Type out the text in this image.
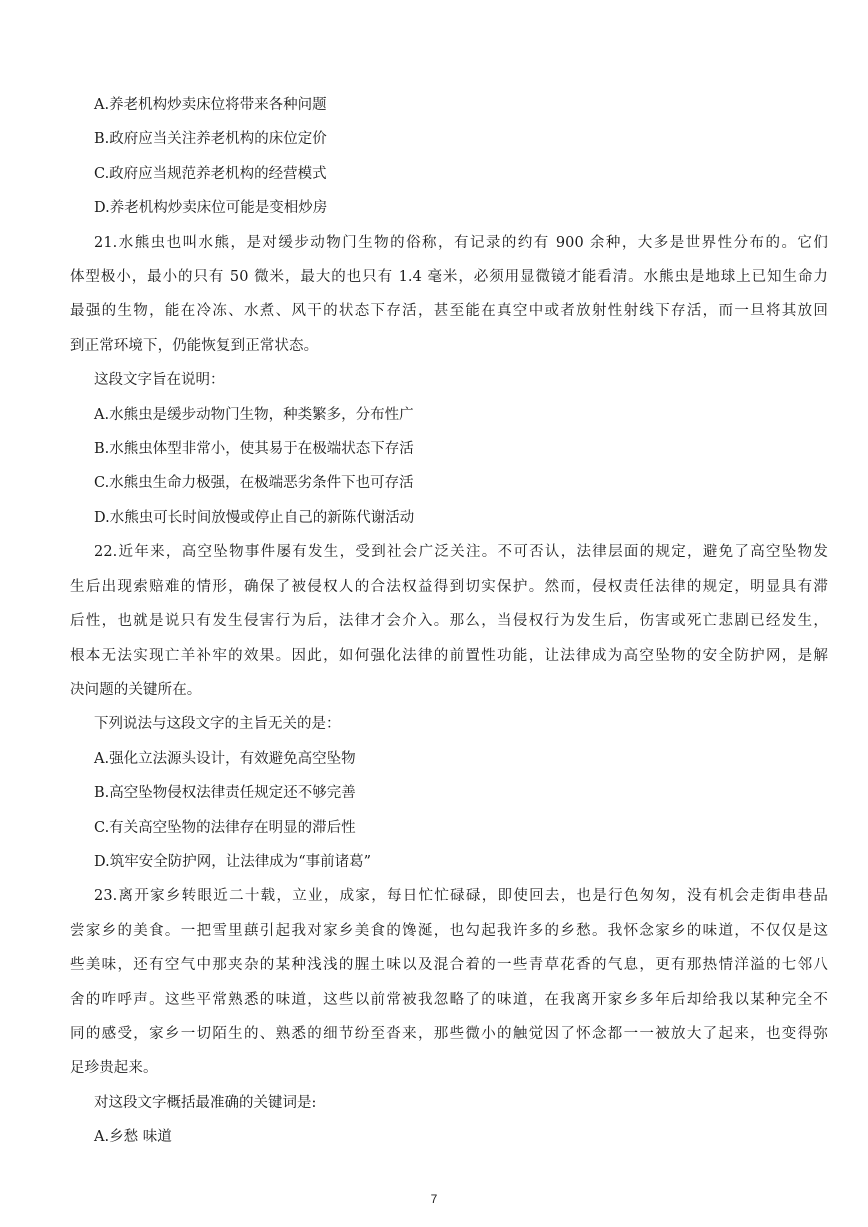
A.养老机构炒卖床位将带来各种问题

B.政府应当关注养老机构的床位定价

C.政府应当规范养老机构的经营模式

D.养老机构炒卖床位可能是变相炒房

21.水熊虫也叫水熊，是对缓步动物门生物的俗称，有记录的约有 900 余种，大多是世界性分布的。它们
体型极小，最小的只有 50 微米，最大的也只有 1.4 毫米，必须用显微镜才能看清。水熊虫是地球上已知生命力
最强的生物，能在冷冻、水煮、风干的状态下存活，甚至能在真空中或者放射性射线下存活，而一旦将其放回
到正常环境下，仍能恢复到正常状态。

这段文字旨在说明：

A.水熊虫是缓步动物门生物，种类繁多，分布性广

B.水熊虫体型非常小，使其易于在极端状态下存活

C.水熊虫生命力极强，在极端恶劣条件下也可存活

D.水熊虫可长时间放慢或停止自己的新陈代谢活动

22.近年来，高空坠物事件屡有发生，受到社会广泛关注。不可否认，法律层面的规定，避免了高空坠物发
生后出现索赔难的情形，确保了被侵权人的合法权益得到切实保护。然而，侵权责任法律的规定，明显具有滞
后性，也就是说只有发生侵害行为后，法律才会介入。那么，当侵权行为发生后，伤害或死亡悲剧已经发生，
根本无法实现亡羊补牢的效果。因此，如何强化法律的前置性功能，让法律成为高空坠物的安全防护网，是解
决问题的关键所在。

下列说法与这段文字的主旨无关的是：

A.强化立法源头设计，有效避免高空坠物

B.高空坠物侵权法律责任规定还不够完善

C.有关高空坠物的法律存在明显的滞后性

D.筑牢安全防护网，让法律成为“事前诸葛”

23.离开家乡转眼近二十载，立业，成家，每日忙忙碌碌，即使回去，也是行色匆匆，没有机会走街串巷品
尝家乡的美食。一把雪里蕻引起我对家乡美食的馋涎，也勾起我许多的乡愁。我怀念家乡的味道，不仅仅是这
些美味，还有空气中那夹杂的某种浅浅的腥土味以及混合着的一些青草花香的气息，更有那热情洋溢的七邻八
舍的咋呼声。这些平常熟悉的味道，这些以前常被我忽略了的味道，在我离开家乡多年后却给我以某种完全不
同的感受，家乡一切陌生的、熟悉的细节纷至沓来，那些微小的触觉因了怀念都一一被放大了起来，也变得弥
足珍贵起来。

对这段文字概括最准确的关键词是:

A.乡愁 味道

7
